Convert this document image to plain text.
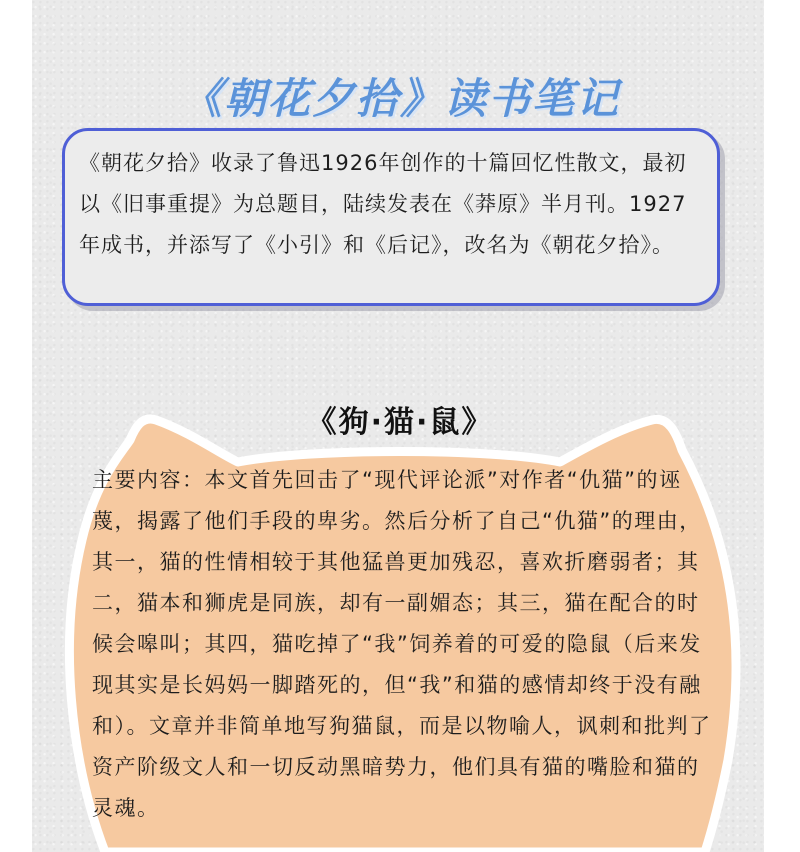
《朝花夕拾》读书笔记

《朝花夕拾》收录了鲁迅1926年创作的十篇回忆性散文，最初以《旧事重提》为总题目，陆续发表在《莽原》半月刊。1927年成书，并添写了《小引》和《后记》，改名为《朝花夕拾》。

《狗·猫·鼠》

主要内容：本文首先回击了“现代评论派”对作者“仇猫”的诬蔑，揭露了他们手段的卑劣。然后分析了自己“仇猫”的理由，其一，猫的性情相较于其他猛兽更加残忍，喜欢折磨弱者；其二，猫本和狮虎是同族，却有一副媚态；其三，猫在配合的时候会嗥叫；其四，猫吃掉了“我”饲养着的可爱的隐鼠（后来发现其实是长妈妈一脚踏死的，但“我”和猫的感情却终于没有融和）。文章并非简单地写狗猫鼠，而是以物喻人，讽刺和批判了资产阶级文人和一切反动黑暗势力，他们具有猫的嘴脸和猫的灵魂。
